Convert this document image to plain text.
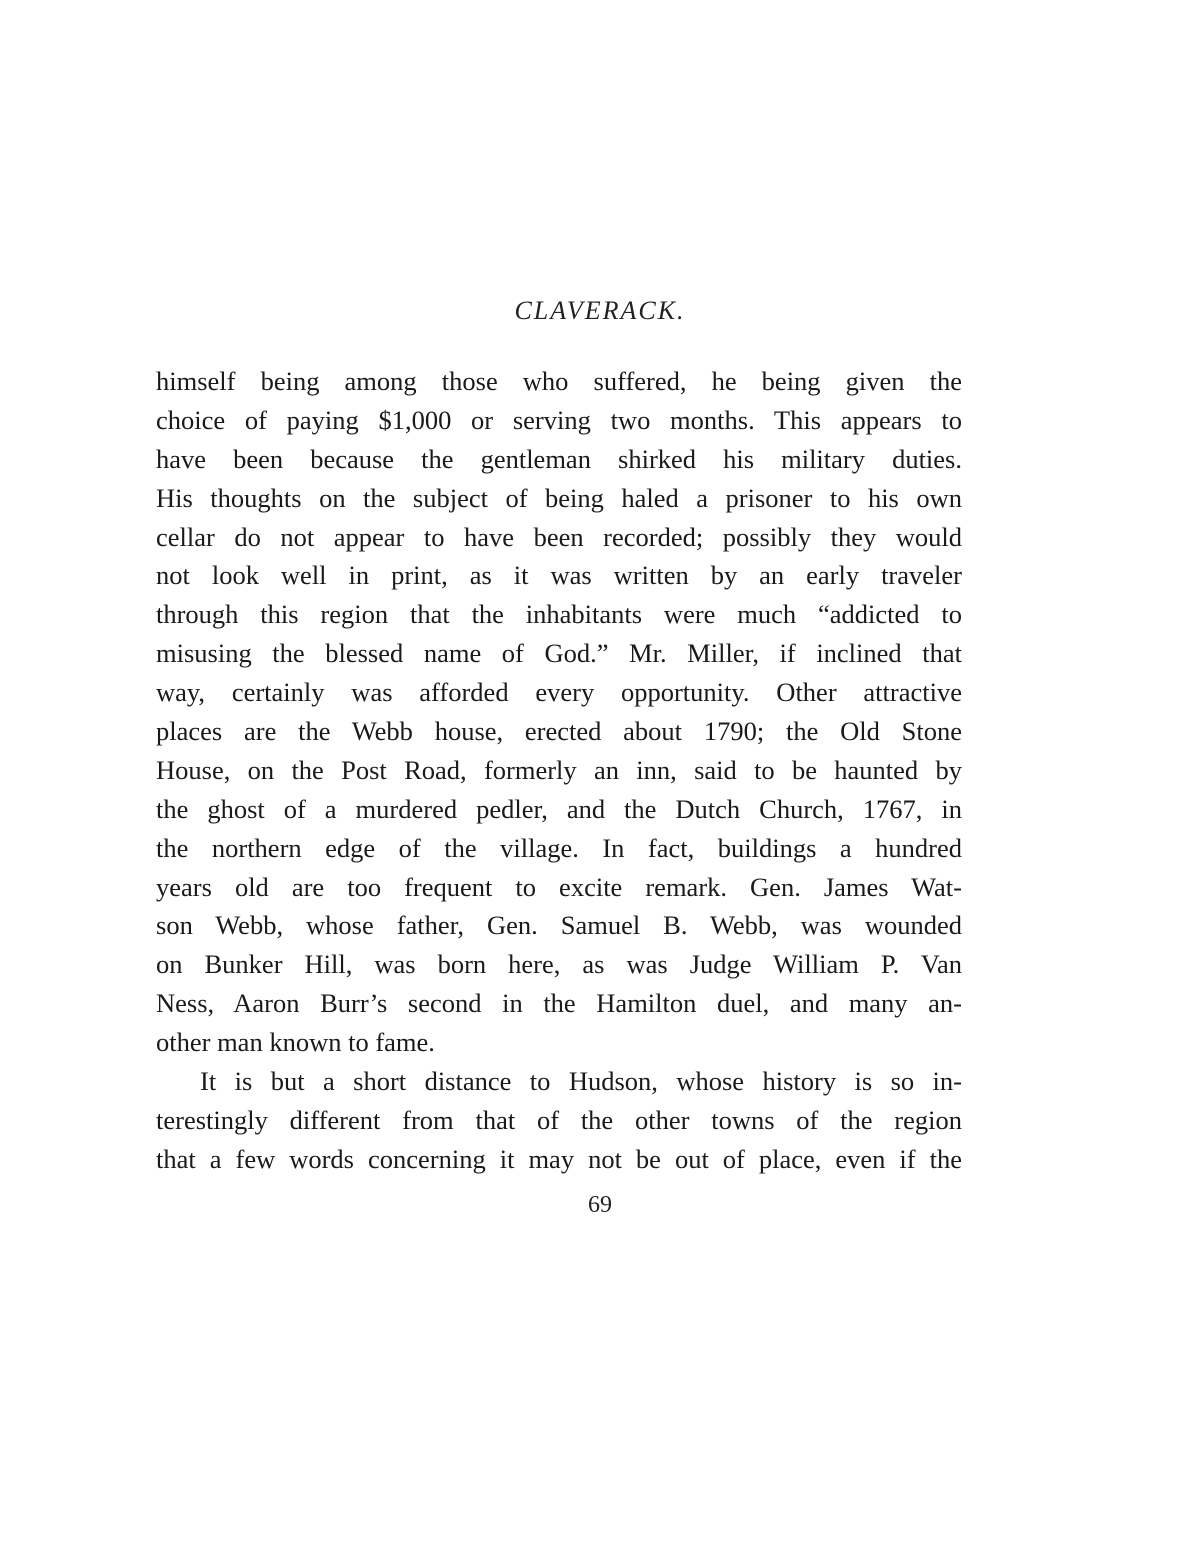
CLAVERACK.
himself being among those who suffered, he being given the
choice of paying $1,000 or serving two months. This appears to
have been because the gentleman shirked his military duties.
His thoughts on the subject of being haled a prisoner to his own
cellar do not appear to have been recorded; possibly they would
not look well in print, as it was written by an early traveler
through this region that the inhabitants were much “addicted to
misusing the blessed name of God.” Mr. Miller, if inclined that
way, certainly was afforded every opportunity. Other attractive
places are the Webb house, erected about 1790; the Old Stone
House, on the Post Road, formerly an inn, said to be haunted by
the ghost of a murdered pedler, and the Dutch Church, 1767, in
the northern edge of the village. In fact, buildings a hundred
years old are too frequent to excite remark. Gen. James Wat-
son Webb, whose father, Gen. Samuel B. Webb, was wounded
on Bunker Hill, was born here, as was Judge William P. Van
Ness, Aaron Burr’s second in the Hamilton duel, and many an-
other man known to fame.
It is but a short distance to Hudson, whose history is so in-
terestingly different from that of the other towns of the region
that a few words concerning it may not be out of place, even if the
69
